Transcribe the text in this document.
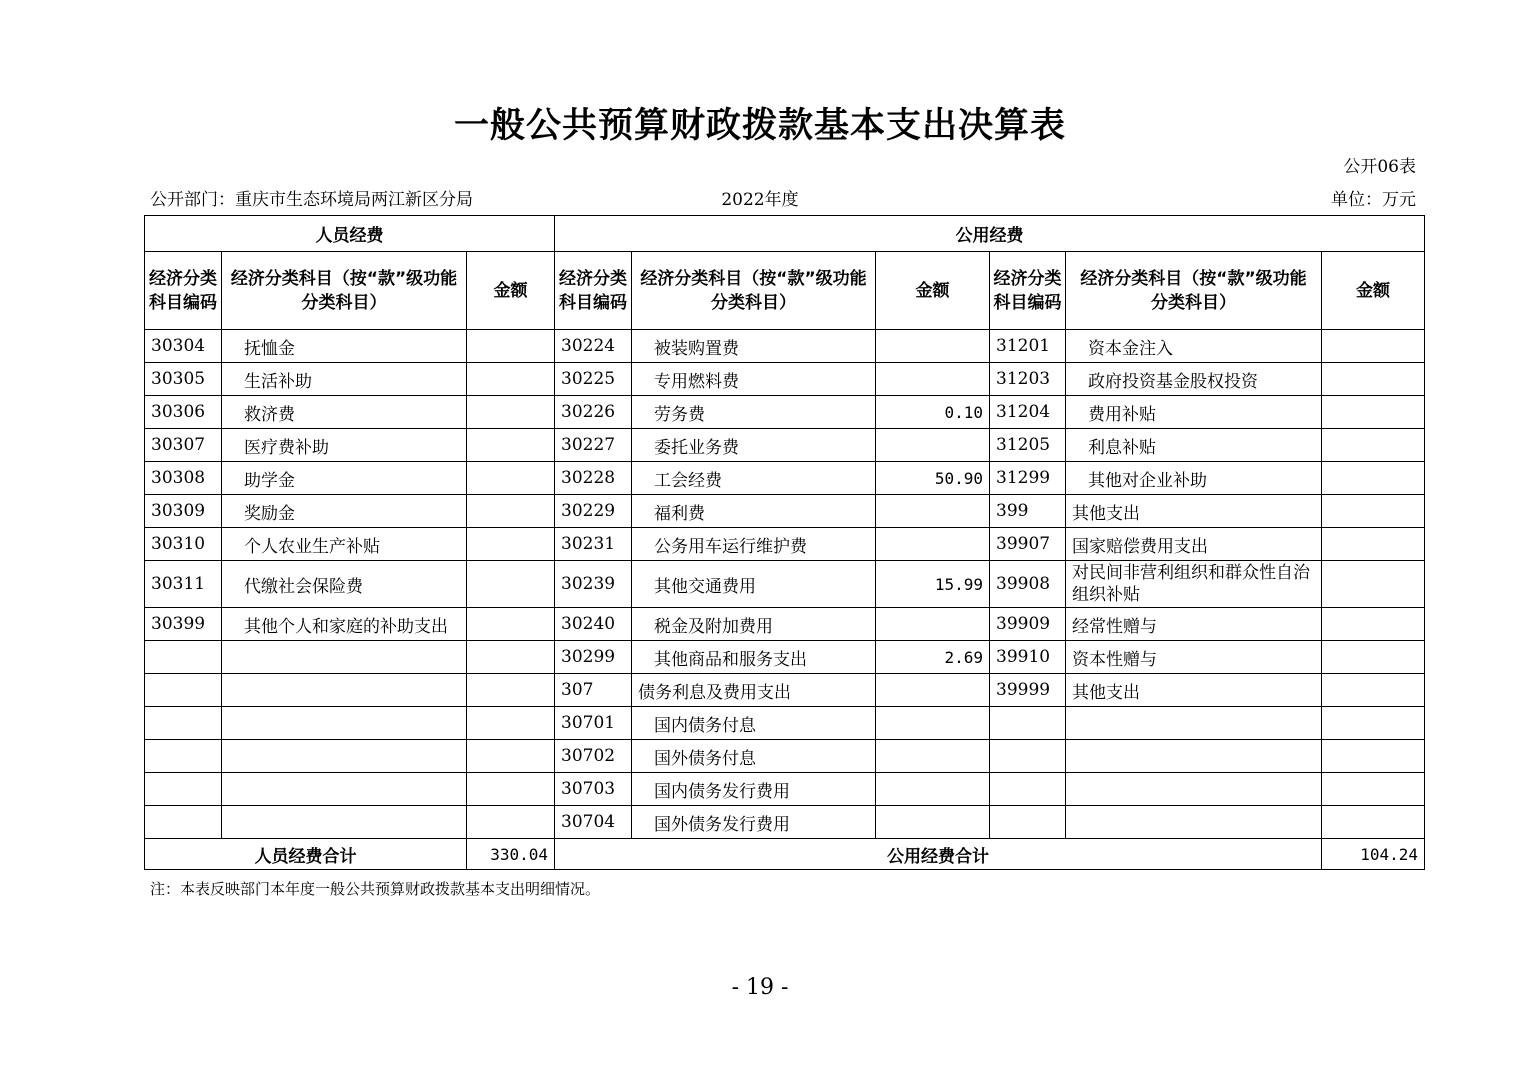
一般公共预算财政拨款基本支出决算表
公开06表
公开部门：重庆市生态环境局两江新区分局	2022年度	单位：万元
人员经费			公用经费					
经济分类科目编码	经济分类科目（按“款”级功能分类科目）	金额	经济分类科目编码	经济分类科目（按“款”级功能分类科目）	金额	经济分类科目编码	经济分类科目（按“款”级功能分类科目）	金额
30304	抚恤金		30224	被装购置费		31201	资本金注入	
30305	生活补助		30225	专用燃料费		31203	政府投资基金股权投资	
30306	救济费		30226	劳务费	0.10	31204	费用补贴	
30307	医疗费补助		30227	委托业务费		31205	利息补贴	
30308	助学金		30228	工会经费	50.90	31299	其他对企业补助	
30309	奖励金		30229	福利费		399	其他支出	
30310	个人农业生产补贴		30231	公务用车运行维护费		39907	国家赔偿费用支出	
30311	代缴社会保险费		30239	其他交通费用	15.99	39908	对民间非营利组织和群众性自治组织补贴	
30399	其他个人和家庭的补助支出		30240	税金及附加费用		39909	经常性赠与	
			30299	其他商品和服务支出	2.69	39910	资本性赠与	
			307	债务利息及费用支出		39999	其他支出	
			30701	国内债务付息				
			30702	国外债务付息				
			30703	国内债务发行费用				
			30704	国外债务发行费用				
人员经费合计		330.04	公用经费合计					104.24
注：本表反映部门本年度一般公共预算财政拨款基本支出明细情况。
- 19 -
